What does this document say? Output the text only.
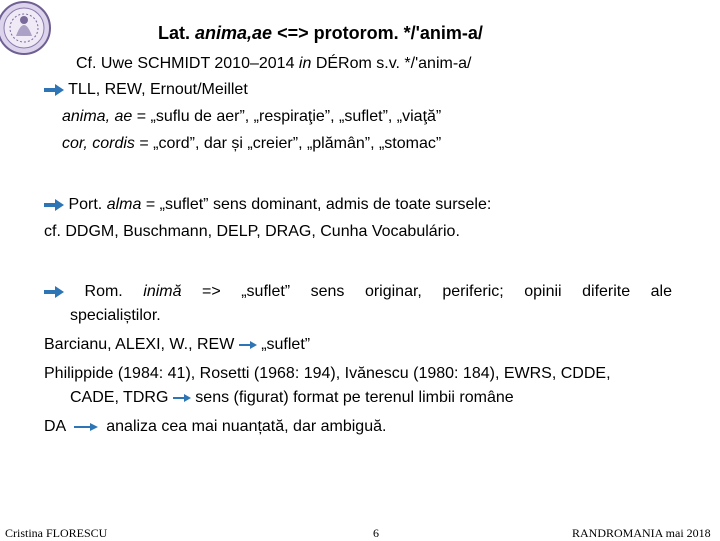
Lat. anima,ae <=> protorom. */'anim‐a/
Cf. Uwe SCHMIDT 2010–2014 in DÉRom s.v. */'anim‐a/
TLL, REW, Ernout/Meillet
anima, ae = „suflu de aer”, „respiraţie”, „suflet”, „viaţă”
cor, cordis = „cord”, dar și „creier”, „plămân”, „stomac”
Port. alma = „suflet” sens dominant, admis de toate sursele:
cf. DDGM, Buschmann, DELP, DRAG, Cunha Vocabulário.
Rom. inimă => „suflet” sens originar, periferic; opinii diferite ale
specialiștilor.
Barcianu, ALEXI, W., REW „suflet”
Philippide (1984: 41), Rosetti (1968: 194), Ivănescu (1980: 184), EWRS, CDDE,
CADE, TDRG sens (figurat) format pe terenul limbii române
DA	analiza cea mai nuanțată, dar ambiguă.
Cristina FLORESCU	6	RANDROMANIA mai 2018
